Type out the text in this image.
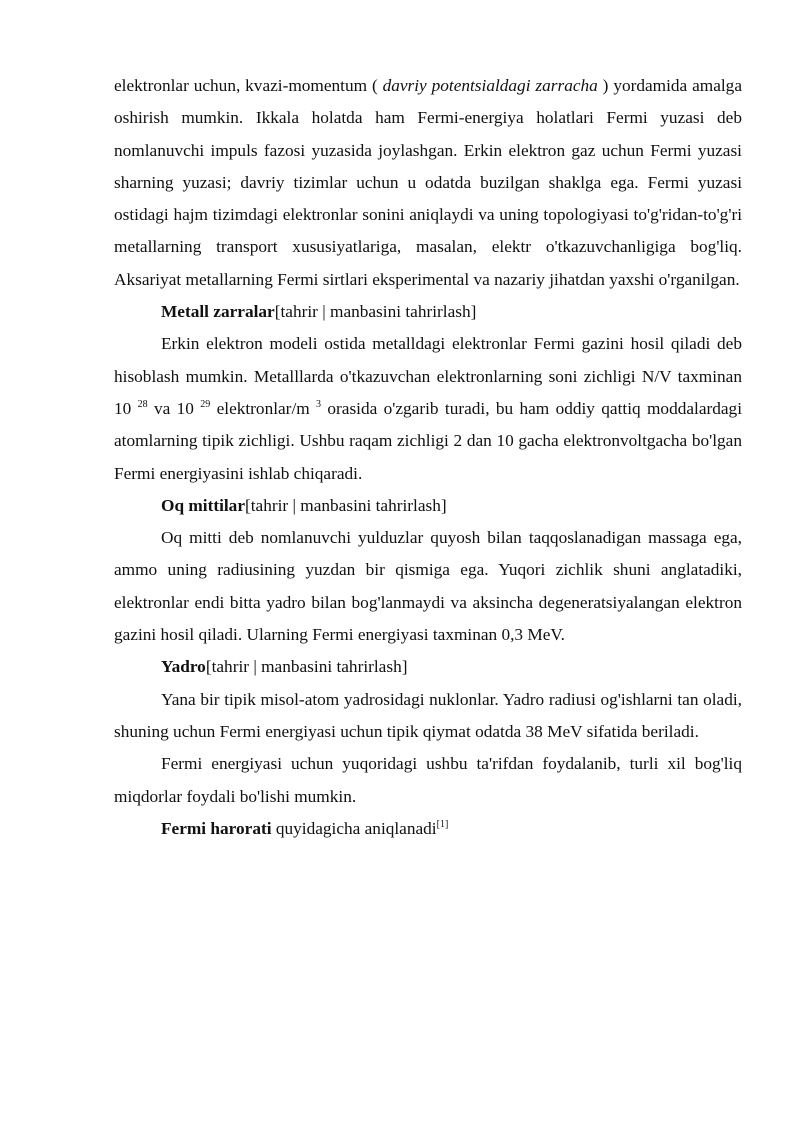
elektronlar uchun, kvazi-momentum ( davriy potentsialdagi zarracha ) yordamida amalga oshirish mumkin. Ikkala holatda ham Fermi-energiya holatlari Fermi yuzasi deb nomlanuvchi impuls fazosi yuzasida joylashgan. Erkin elektron gaz uchun Fermi yuzasi sharning yuzasi; davriy tizimlar uchun u odatda buzilgan shaklga ega. Fermi yuzasi ostidagi hajm tizimdagi elektronlar sonini aniqlaydi va uning topologiyasi to'g'ridan-to'g'ri metallarning transport xususiyatlariga, masalan, elektr o'tkazuvchanligiga bog'liq. Aksariyat metallarning Fermi sirtlari eksperimental va nazariy jihatdan yaxshi o'rganilgan.

Metall zarralar[tahrir | manbasini tahrirlash]

Erkin elektron modeli ostida metalldagi elektronlar Fermi gazini hosil qiladi deb hisoblash mumkin. Metalllarda o'tkazuvchan elektronlarning soni zichligi N/V taxminan 10 $^{28}$ va 10 $^{29}$ elektronlar/m $^3$ orasida o'zgarib turadi, bu ham oddiy qattiq moddalardagi atomlarning tipik zichligi. Ushbu raqam zichligi 2 dan 10 gacha elektronvoltgacha bo'lgan Fermi energiyasini ishlab chiqaradi.

Oq mittilar[tahrir | manbasini tahrirlash]

Oq mitti deb nomlanuvchi yulduzlar quyosh bilan taqqoslanadigan massaga ega, ammo uning radiusining yuzdan bir qismiga ega. Yuqori zichlik shuni anglatadiki, elektronlar endi bitta yadro bilan bog'lanmaydi va aksincha degeneratsiyalangan elektron gazini hosil qiladi. Ularning Fermi energiyasi taxminan 0,3 MeV.

Yadro[tahrir | manbasini tahrirlash]

Yana bir tipik misol-atom yadrosidagi nuklonlar. Yadro radiusi og'ishlarni tan oladi, shuning uchun Fermi energiyasi uchun tipik qiymat odatda 38 MeV sifatida beriladi.

Fermi energiyasi uchun yuqoridagi ushbu ta'rifdan foydalanib, turli xil bog'liq miqdorlar foydali bo'lishi mumkin.

Fermi harorati quyidagicha aniqlanadi[1]
